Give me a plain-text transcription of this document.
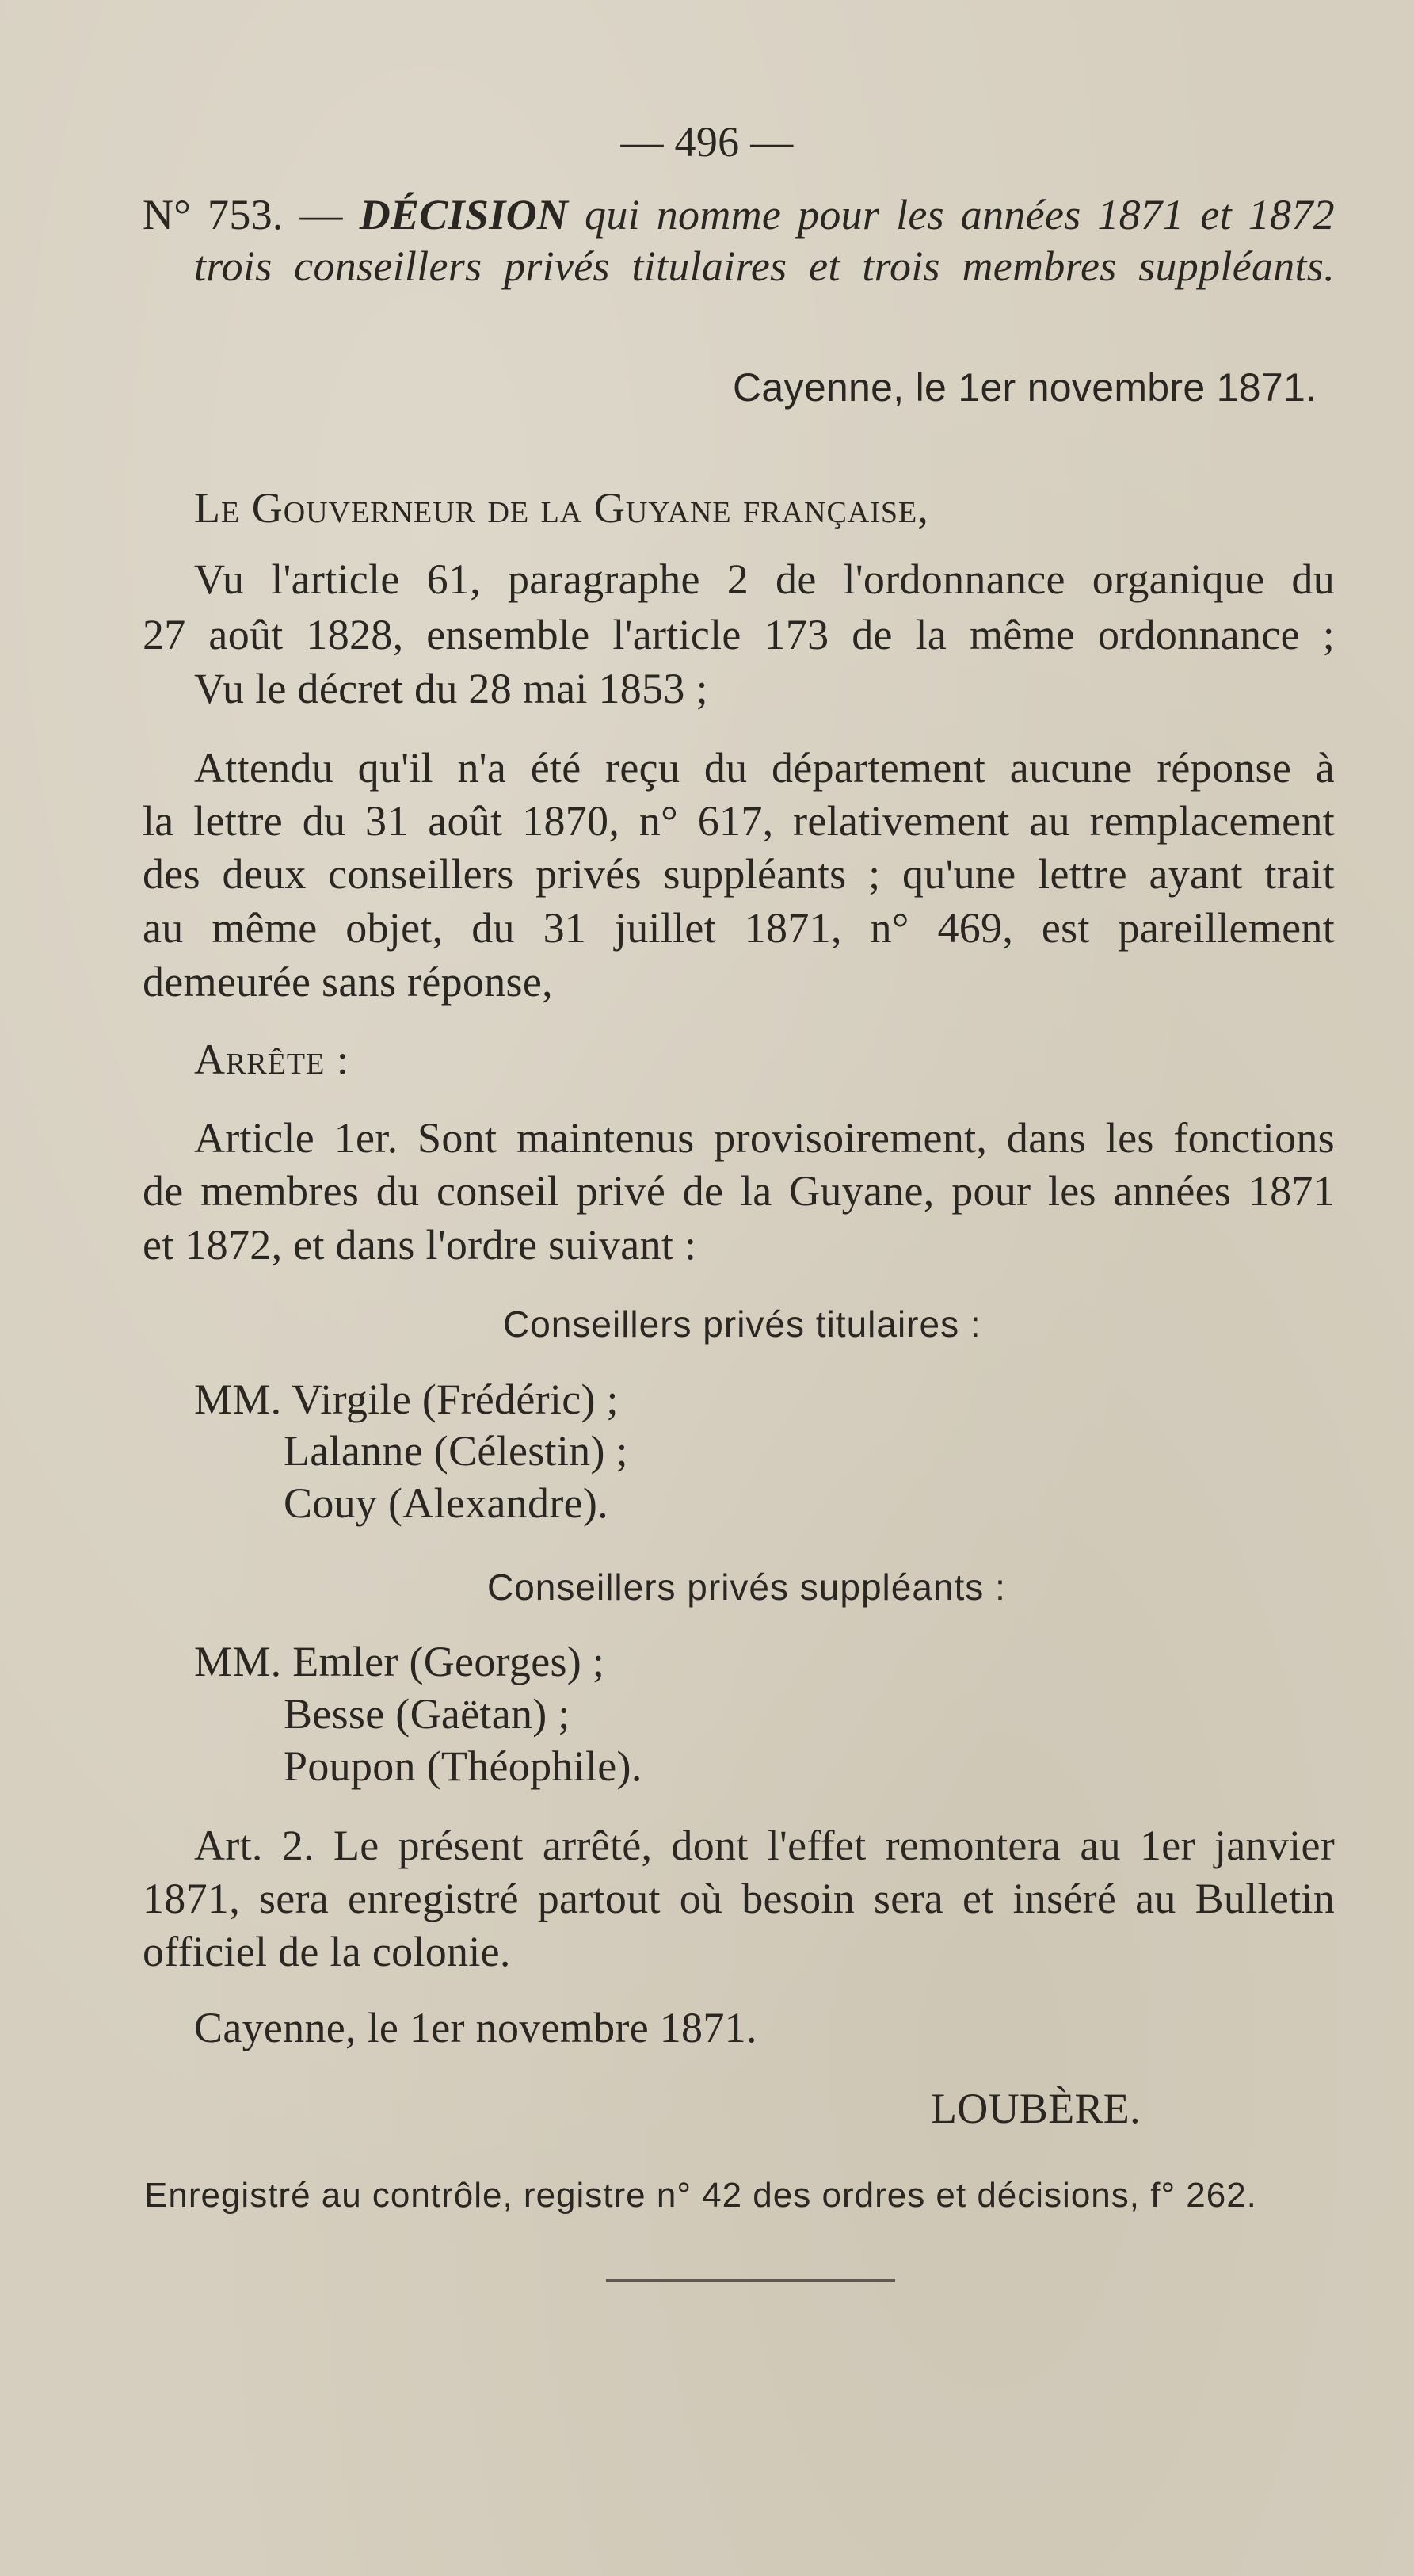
— 496 —
N° 753. — DÉCISION qui nomme pour les années 1871 et 1872
trois conseillers privés titulaires et trois membres suppléants.
Cayenne, le 1er novembre 1871.
Le Gouverneur de la Guyane française,
Vu l'article 61, paragraphe 2 de l'ordonnance organique du
27 août 1828, ensemble l'article 173 de la même ordonnance ;
Vu le décret du 28 mai 1853 ;
Attendu qu'il n'a été reçu du département aucune réponse à
la lettre du 31 août 1870, n° 617, relativement au remplacement
des deux conseillers privés suppléants ; qu'une lettre ayant trait
au même objet, du 31 juillet 1871, n° 469, est pareillement
demeurée sans réponse,
Arrête :
Article 1er. Sont maintenus provisoirement, dans les fonctions
de membres du conseil privé de la Guyane, pour les années 1871
et 1872, et dans l'ordre suivant :
Conseillers privés titulaires :
MM. Virgile (Frédéric) ;
Lalanne (Célestin) ;
Couy (Alexandre).
Conseillers privés suppléants :
MM. Emler (Georges) ;
Besse (Gaëtan) ;
Poupon (Théophile).
Art. 2. Le présent arrêté, dont l'effet remontera au 1er janvier
1871, sera enregistré partout où besoin sera et inséré au Bulletin
officiel de la colonie.
Cayenne, le 1er novembre 1871.
LOUBÈRE.
Enregistré au contrôle, registre n° 42 des ordres et décisions, f° 262.
